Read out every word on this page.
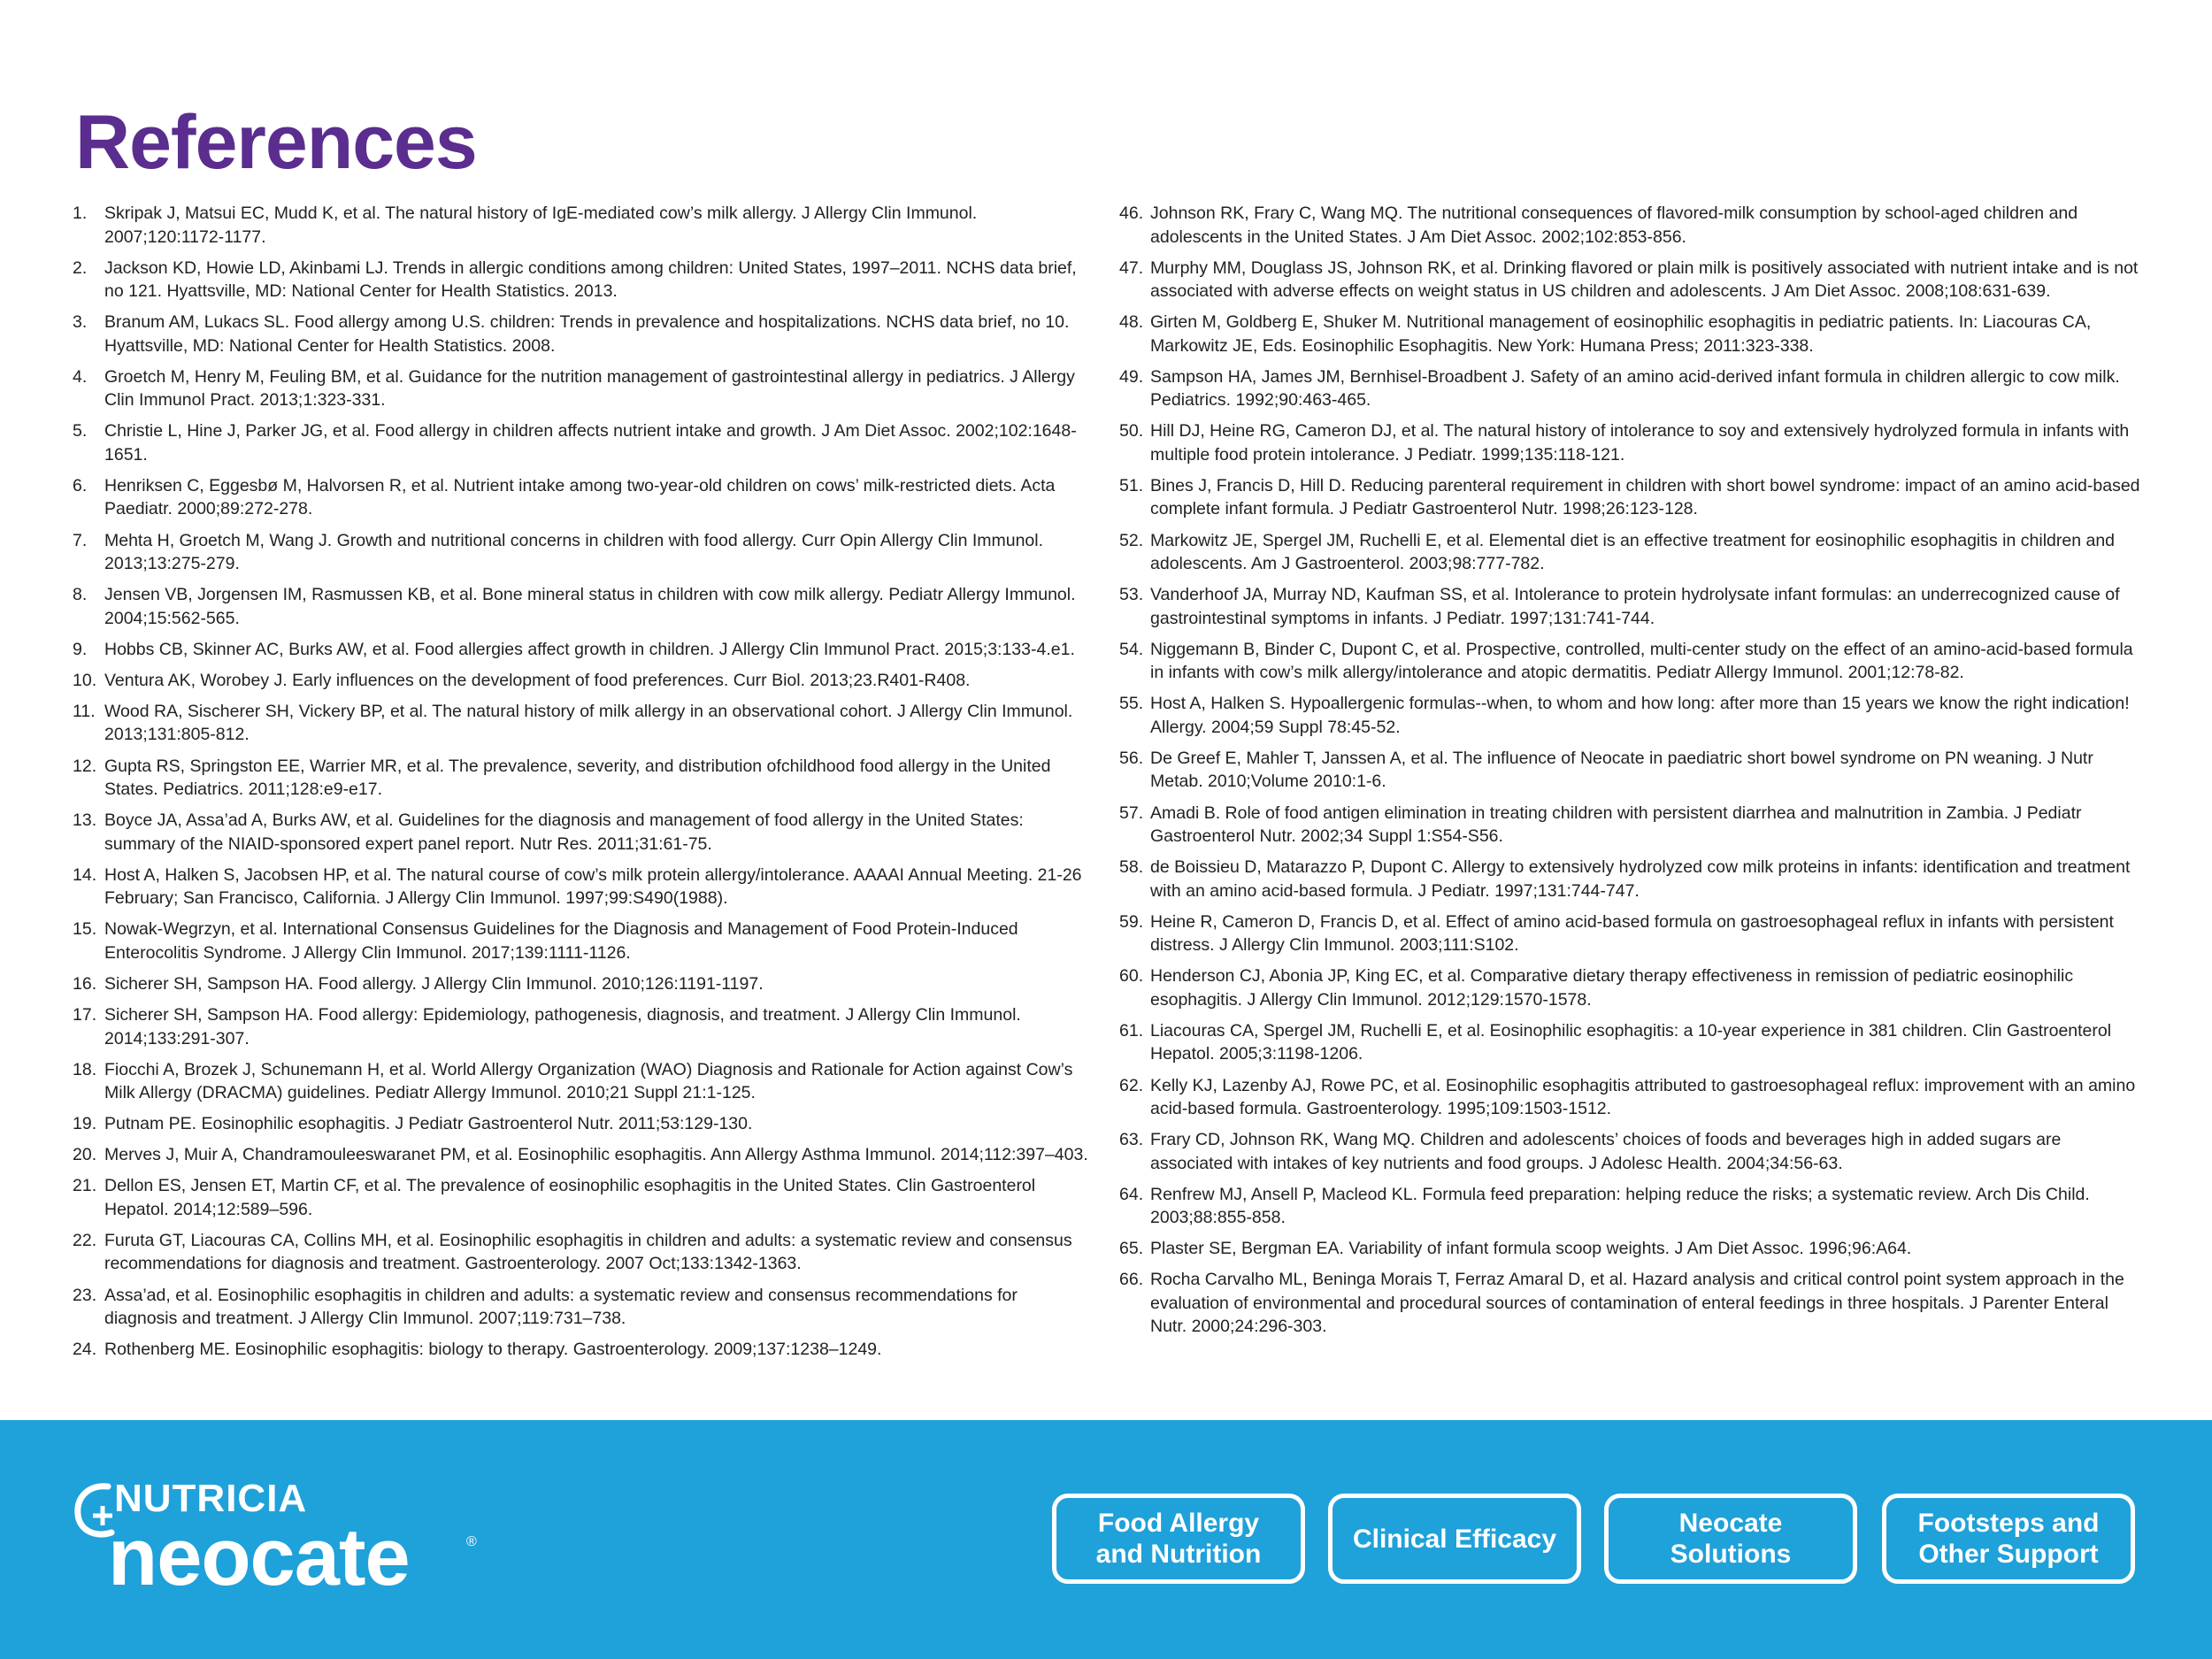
References
1. Skripak J, Matsui EC, Mudd K, et al. The natural history of IgE-mediated cow’s milk allergy. J Allergy Clin Immunol. 2007;120:1172-1177.
2. Jackson KD, Howie LD, Akinbami LJ. Trends in allergic conditions among children: United States, 1997–2011. NCHS data brief, no 121. Hyattsville, MD: National Center for Health Statistics. 2013.
3. Branum AM, Lukacs SL. Food allergy among U.S. children: Trends in prevalence and hospitalizations. NCHS data brief, no 10. Hyattsville, MD: National Center for Health Statistics. 2008.
4. Groetch M, Henry M, Feuling BM, et al. Guidance for the nutrition management of gastrointestinal allergy in pediatrics. J Allergy Clin Immunol Pract. 2013;1:323-331.
5. Christie L, Hine J, Parker JG, et al. Food allergy in children affects nutrient intake and growth. J Am Diet Assoc. 2002;102:1648-1651.
6. Henriksen C, Eggesbø M, Halvorsen R, et al. Nutrient intake among two-year-old children on cows’ milk-restricted diets. Acta Paediatr. 2000;89:272-278.
7. Mehta H, Groetch M, Wang J. Growth and nutritional concerns in children with food allergy. Curr Opin Allergy Clin Immunol. 2013;13:275-279.
8. Jensen VB, Jorgensen IM, Rasmussen KB, et al. Bone mineral status in children with cow milk allergy. Pediatr Allergy Immunol. 2004;15:562-565.
9. Hobbs CB, Skinner AC, Burks AW, et al. Food allergies affect growth in children. J Allergy Clin Immunol Pract. 2015;3:133-4.e1.
10. Ventura AK, Worobey J. Early influences on the development of food preferences. Curr Biol. 2013;23.R401-R408.
11. Wood RA, Sischerer SH, Vickery BP, et al. The natural history of milk allergy in an observational cohort. J Allergy Clin Immunol. 2013;131:805-812.
12. Gupta RS, Springston EE, Warrier MR, et al. The prevalence, severity, and distribution ofchildhood food allergy in the United States. Pediatrics. 2011;128:e9-e17.
13. Boyce JA, Assa’ad A, Burks AW, et al. Guidelines for the diagnosis and management of food allergy in the United States: summary of the NIAID-sponsored expert panel report. Nutr Res. 2011;31:61-75.
14. Host A, Halken S, Jacobsen HP, et al. The natural course of cow’s milk protein allergy/intolerance. AAAAI Annual Meeting. 21-26 February; San Francisco, California. J Allergy Clin Immunol. 1997;99:S490(1988).
15. Nowak-Wegrzyn, et al. International Consensus Guidelines for the Diagnosis and Management of Food Protein-Induced Enterocolitis Syndrome. J Allergy Clin Immunol. 2017;139:1111-1126.
16. Sicherer SH, Sampson HA. Food allergy. J Allergy Clin Immunol. 2010;126:1191-1197.
17. Sicherer SH, Sampson HA. Food allergy: Epidemiology, pathogenesis, diagnosis, and treatment. J Allergy Clin Immunol. 2014;133:291-307.
18. Fiocchi A, Brozek J, Schunemann H, et al. World Allergy Organization (WAO) Diagnosis and Rationale for Action against Cow’s Milk Allergy (DRACMA) guidelines. Pediatr Allergy Immunol. 2010;21 Suppl 21:1-125.
19. Putnam PE. Eosinophilic esophagitis. J Pediatr Gastroenterol Nutr. 2011;53:129-130.
20. Merves J, Muir A, Chandramouleeswaranet PM, et al. Eosinophilic esophagitis. Ann Allergy Asthma Immunol. 2014;112:397–403.
21. Dellon ES, Jensen ET, Martin CF, et al. The prevalence of eosinophilic esophagitis in the United States. Clin Gastroenterol Hepatol. 2014;12:589–596.
22. Furuta GT, Liacouras CA, Collins MH, et al. Eosinophilic esophagitis in children and adults: a systematic review and consensus recommendations for diagnosis and treatment. Gastroenterology. 2007 Oct;133:1342-1363.
23. Assa’ad, et al. Eosinophilic esophagitis in children and adults: a systematic review and consensus recommendations for diagnosis and treatment. J Allergy Clin Immunol. 2007;119:731–738.
24. Rothenberg ME. Eosinophilic esophagitis: biology to therapy. Gastroenterology. 2009;137:1238–1249.
46. Johnson RK, Frary C, Wang MQ. The nutritional consequences of flavored-milk consumption by school-aged children and adolescents in the United States. J Am Diet Assoc. 2002;102:853-856.
47. Murphy MM, Douglass JS, Johnson RK, et al. Drinking flavored or plain milk is positively associated with nutrient intake and is not associated with adverse effects on weight status in US children and adolescents. J Am Diet Assoc. 2008;108:631-639.
48. Girten M, Goldberg E, Shuker M. Nutritional management of eosinophilic esophagitis in pediatric patients. In: Liacouras CA, Markowitz JE, Eds. Eosinophilic Esophagitis. New York: Humana Press; 2011:323-338.
49. Sampson HA, James JM, Bernhisel-Broadbent J. Safety of an amino acid-derived infant formula in children allergic to cow milk. Pediatrics. 1992;90:463-465.
50. Hill DJ, Heine RG, Cameron DJ, et al. The natural history of intolerance to soy and extensively hydrolyzed formula in infants with multiple food protein intolerance. J Pediatr. 1999;135:118-121.
51. Bines J, Francis D, Hill D. Reducing parenteral requirement in children with short bowel syndrome: impact of an amino acid-based complete infant formula. J Pediatr Gastroenterol Nutr. 1998;26:123-128.
52. Markowitz JE, Spergel JM, Ruchelli E, et al. Elemental diet is an effective treatment for eosinophilic esophagitis in children and adolescents. Am J Gastroenterol. 2003;98:777-782.
53. Vanderhoof JA, Murray ND, Kaufman SS, et al. Intolerance to protein hydrolysate infant formulas: an underrecognized cause of gastrointestinal symptoms in infants. J Pediatr. 1997;131:741-744.
54. Niggemann B, Binder C, Dupont C, et al. Prospective, controlled, multi-center study on the effect of an amino-acid-based formula in infants with cow’s milk allergy/intolerance and atopic dermatitis. Pediatr Allergy Immunol. 2001;12:78-82.
55. Host A, Halken S. Hypoallergenic formulas--when, to whom and how long: after more than 15 years we know the right indication! Allergy. 2004;59 Suppl 78:45-52.
56. De Greef E, Mahler T, Janssen A, et al. The influence of Neocate in paediatric short bowel syndrome on PN weaning. J Nutr Metab. 2010;Volume 2010:1-6.
57. Amadi B. Role of food antigen elimination in treating children with persistent diarrhea and malnutrition in Zambia. J Pediatr Gastroenterol Nutr. 2002;34 Suppl 1:S54-S56.
58. de Boissieu D, Matarazzo P, Dupont C. Allergy to extensively hydrolyzed cow milk proteins in infants: identification and treatment with an amino acid-based formula. J Pediatr. 1997;131:744-747.
59. Heine R, Cameron D, Francis D, et al. Effect of amino acid-based formula on gastroesophageal reflux in infants with persistent distress. J Allergy Clin Immunol. 2003;111:S102.
60. Henderson CJ, Abonia JP, King EC, et al. Comparative dietary therapy effectiveness in remission of pediatric eosinophilic esophagitis. J Allergy Clin Immunol. 2012;129:1570-1578.
61. Liacouras CA, Spergel JM, Ruchelli E, et al. Eosinophilic esophagitis: a 10-year experience in 381 children. Clin Gastroenterol Hepatol. 2005;3:1198-1206.
62. Kelly KJ, Lazenby AJ, Rowe PC, et al. Eosinophilic esophagitis attributed to gastroesophageal reflux: improvement with an amino acid-based formula. Gastroenterology. 1995;109:1503-1512.
63. Frary CD, Johnson RK, Wang MQ. Children and adolescents’ choices of foods and beverages high in added sugars are associated with intakes of key nutrients and food groups. J Adolesc Health. 2004;34:56-63.
64. Renfrew MJ, Ansell P, Macleod KL. Formula feed preparation: helping reduce the risks; a systematic review. Arch Dis Child. 2003;88:855-858.
65. Plaster SE, Bergman EA. Variability of infant formula scoop weights. J Am Diet Assoc. 1996;96:A64.
66. Rocha Carvalho ML, Beninga Morais T, Ferraz Amaral D, et al. Hazard analysis and critical control point system approach in the evaluation of environmental and procedural sources of contamination of enteral feedings in three hospitals. J Parenter Enteral Nutr. 2000;24:296-303.
NUTRICIA
neocate	®
Food Allergy
and Nutrition
Clinical Efficacy
Neocate
Solutions
Footsteps and
Other Support
